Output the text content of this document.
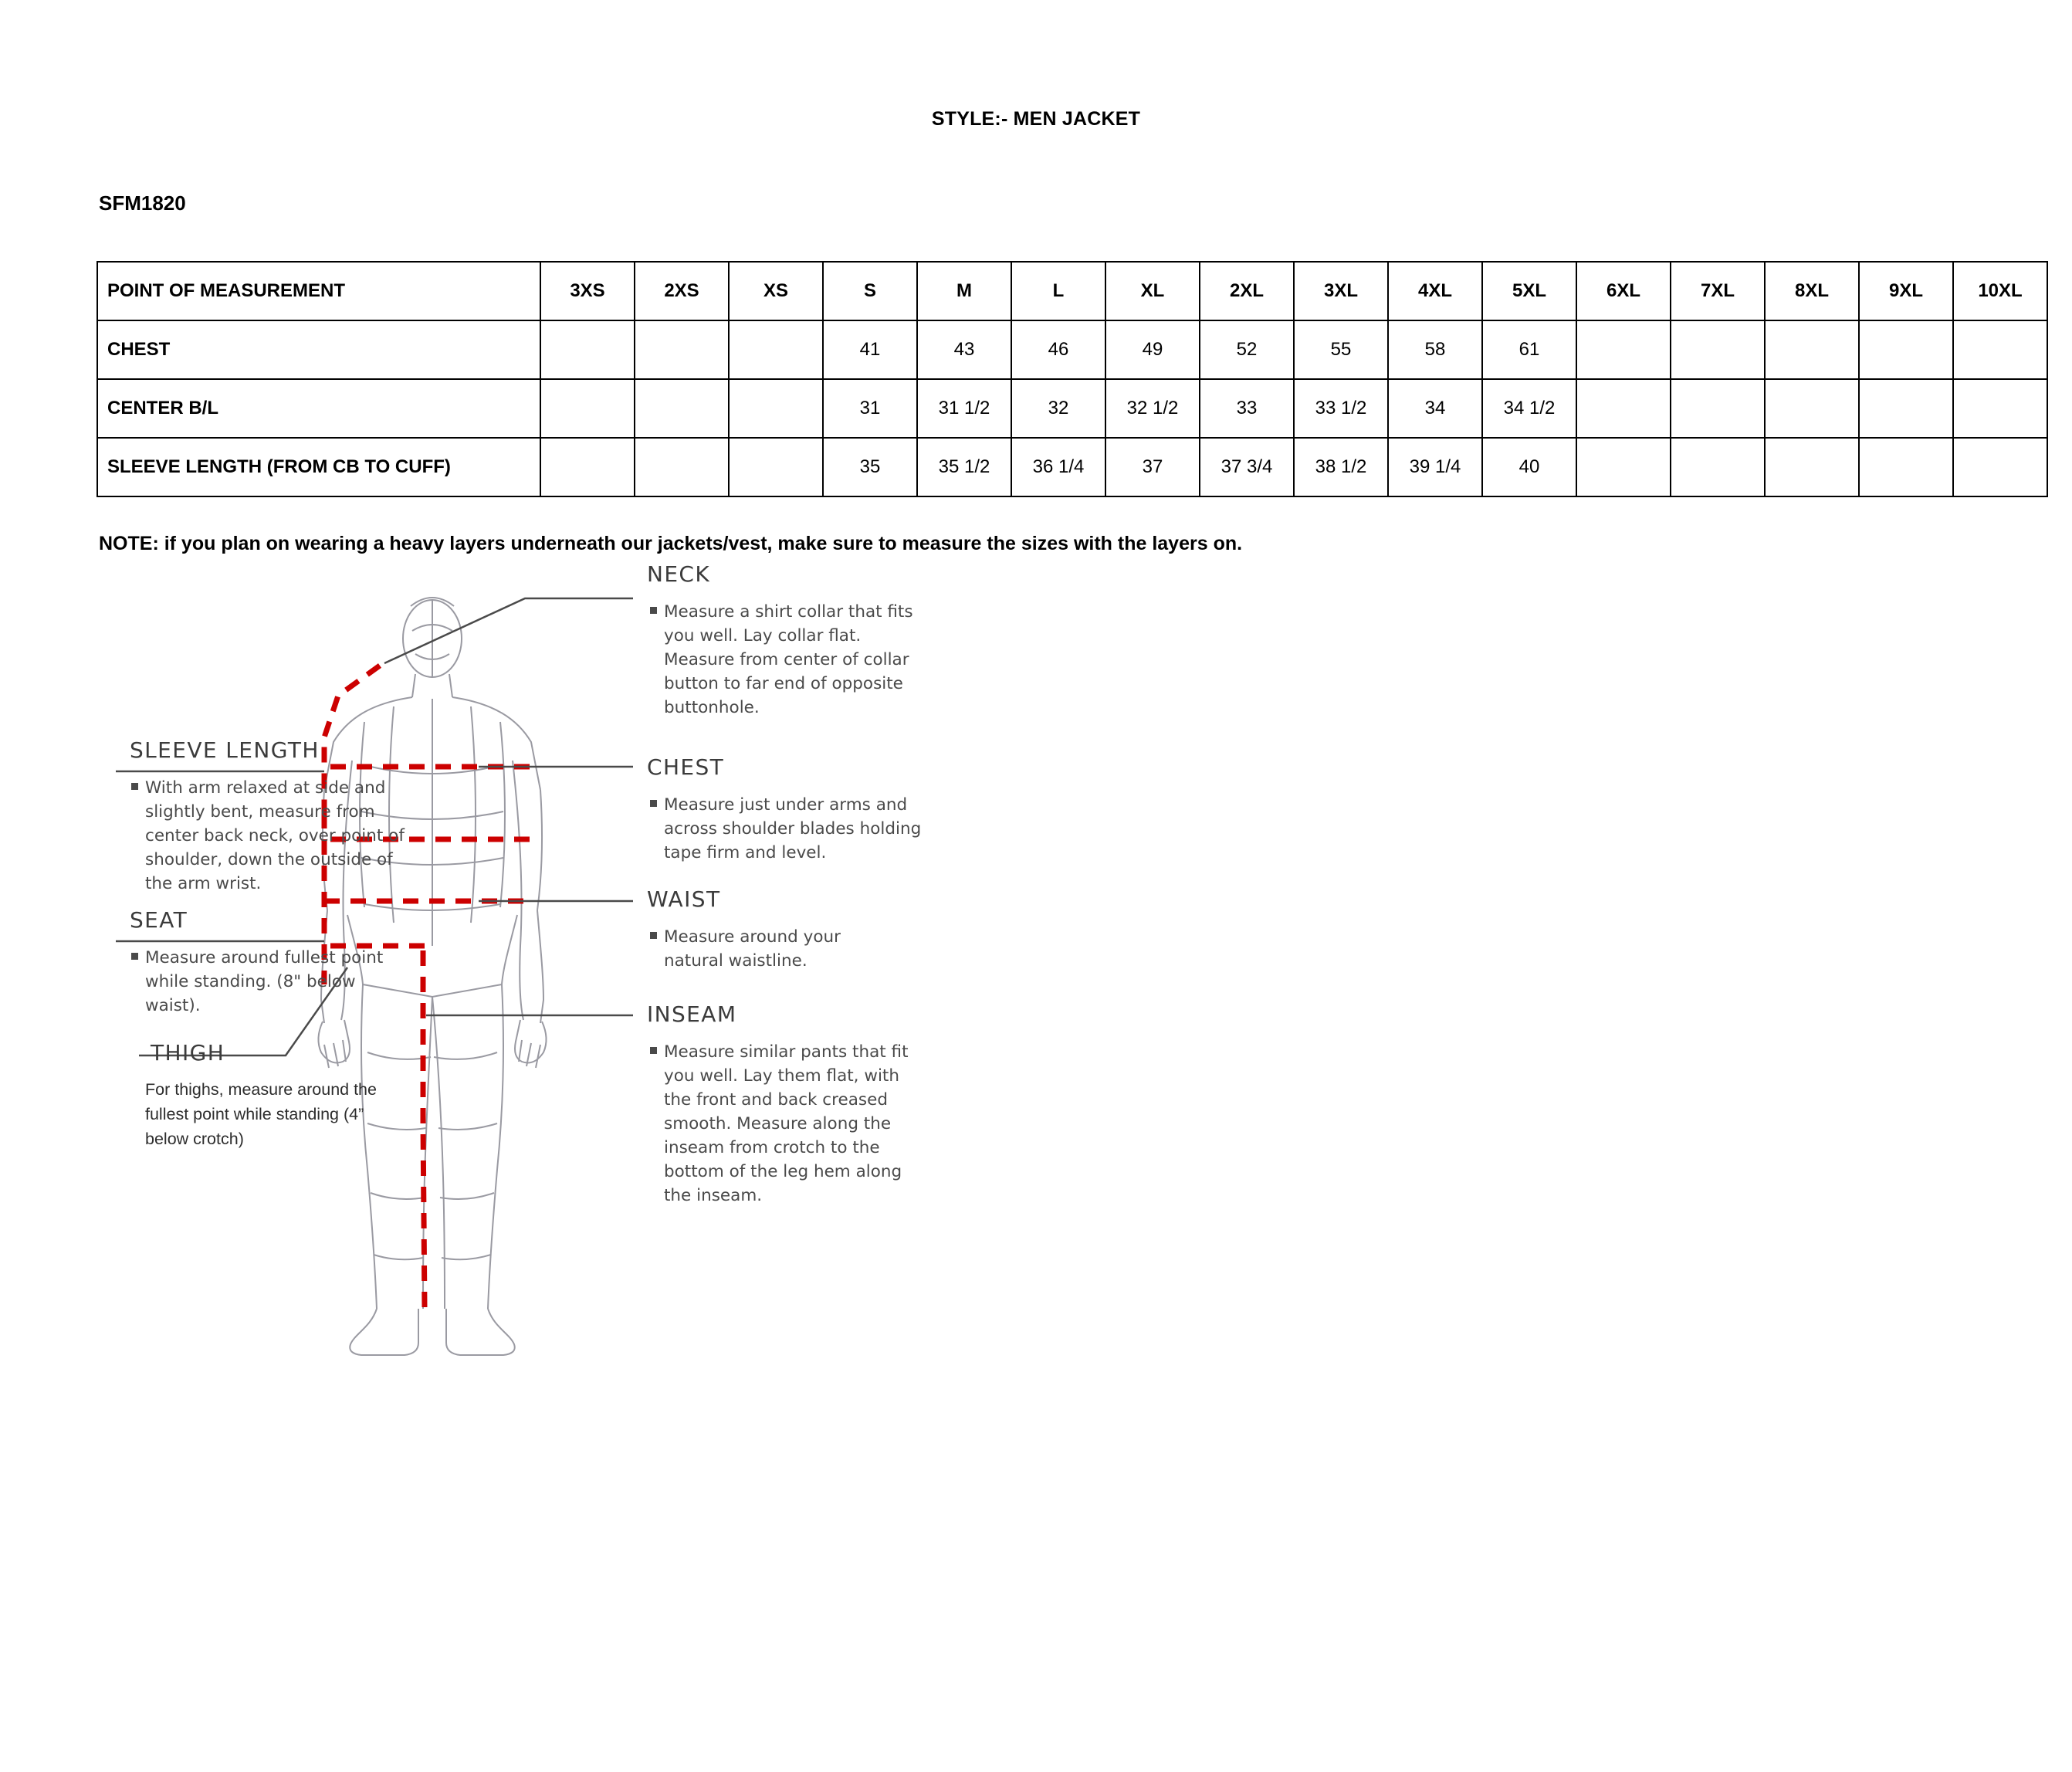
STYLE:- MEN JACKET
SFM1820
POINT OF MEASUREMENT	3XS	2XS	XS	S	M	L	XL	2XL	3XL	4XL	5XL	6XL	7XL	8XL	9XL	10XL
CHEST				41	43	46	49	52	55	58	61					
CENTER B/L				31	31 1/2	32	32 1/2	33	33 1/2	34	34 1/2					
SLEEVE LENGTH (FROM CB TO CUFF)				35	35 1/2	36 1/4	37	37 3/4	38 1/2	39 1/4	40					
NOTE: if you plan on wearing a heavy layers underneath our jackets/vest, make sure to measure the sizes with the layers on.
NECK
Measure a shirt collar that fits you well. Lay collar flat. Measure from center of collar button to far end of opposite buttonhole.
CHEST
Measure just under arms and across shoulder blades holding tape firm and level.
WAIST
Measure around your natural waistline.
INSEAM
Measure similar pants that fit you well. Lay them flat, with the front and back creased smooth. Measure along the inseam from crotch to the bottom of the leg hem along the inseam.
SLEEVE LENGTH
With arm relaxed at side and slightly bent, measure from center back neck, over point of shoulder, down the outside of the arm wrist.
SEAT
Measure around fullest point while standing. (8" below waist).
THIGH
For thighs, measure around the fullest point while standing (4” below crotch)
